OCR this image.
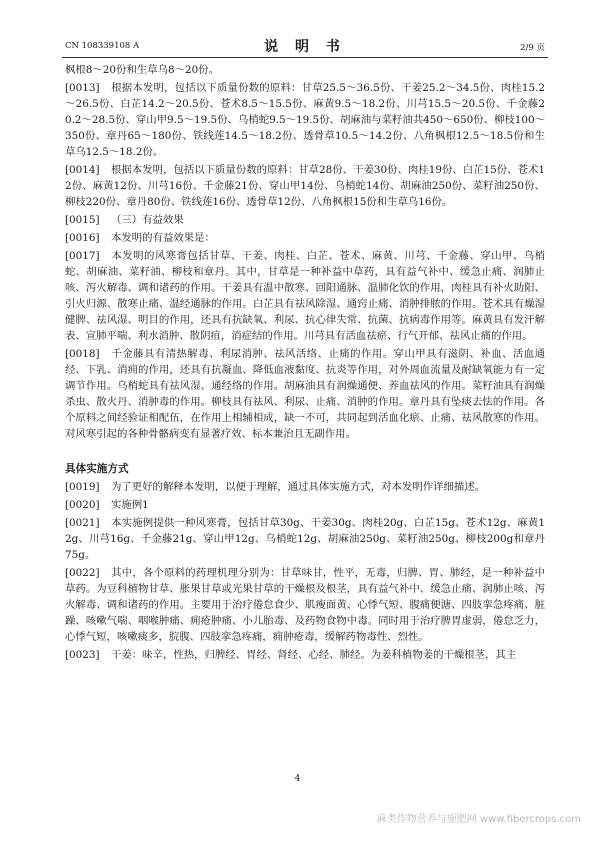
CN 108339108 A	说 明 书	2/9 页
枫根8～20份和生草乌8～20份。
[0013] 根据本发明，包括以下质量份数的原料：甘草25.5～36.5份、干姜25.2～34.5份、肉桂15.2～26.5份、白芷14.2～20.5份、苍术8.5～15.5份、麻黄9.5～18.2份、川芎15.5～20.5份、千金藤20.2～28.5份、穿山甲9.5～19.5份、乌梢蛇9.5～19.5份、胡麻油与菜籽油共450～650份、柳枝100～350份、章丹65～180份、铁线莲14.5～18.2份、透骨草10.5～14.2份、八角枫根12.5～18.5份和生草乌12.5～18.2份。
[0014] 根据本发明，包括以下质量份数的原料：甘草28份、干姜30份、肉桂19份、白芷15份、苍术12份、麻黄12份、川芎16份、千金藤21份、穿山甲14份、乌梢蛇14份、胡麻油250份、菜籽油250份、柳枝220份、章丹80份、铁线莲16份、透骨草12份、八角枫根15份和生草乌16份。
[0015] （三）有益效果
[0016] 本发明的有益效果是：
[0017] 本发明的风寒膏包括甘草、干姜、肉桂、白芷、苍术、麻黄、川芎、千金藤、穿山甲、乌梢蛇、胡麻油、菜籽油、柳枝和章丹。其中，甘草是一种补益中草药，具有益气补中、缓急止痛、润肺止咳、泻火解毒、调和诸药的作用。干姜具有温中散寒、回阳通脉、温肺化饮的作用，肉桂具有补火助阳、引火归源、散寒止痛、温经通脉的作用。白芷具有祛风除湿、通窍止痛、消肿排脓的作用。苍术具有燥湿健脾、祛风湿、明目的作用，还具有抗缺氧、利尿、抗心律失常、抗菌、抗病毒作用等。麻黄具有发汗解表、宣肺平喘、利水消肿、散阴疽，消症结的作用。川芎具有活血祛瘀、行气开郁、祛风止痛的作用。
[0018] 千金藤具有清热解毒、利尿消肿、祛风活络、止痛的作用。穿山甲具有滋阴、补血、活血通经、下乳、消痈的作用，还具有抗凝血、降低血液黏度、抗炎等作用，对外周血流量及耐缺氧能力有一定调节作用。乌梢蛇具有祛风湿、通经络的作用。胡麻油具有润燥通便、养血祛风的作用。菜籽油具有润燥杀虫、散火丹、消肿毒的作用。柳枝具有祛风、利尿、止痛、消肿的作用。章丹具有坠痰去怯的作用。各个原料之间经验证相配伍，在作用上相辅相成，缺一不可，共同起到活血化瘀、止痛、祛风散寒的作用。对风寒引起的各种骨骼病变有显著疗效、标本兼治且无副作用。
具体实施方式
[0019] 为了更好的解释本发明，以便于理解，通过具体实施方式，对本发明作详细描述。
[0020] 实施例1
[0021] 本实施例提供一种风寒膏，包括甘草30g、干姜30g、肉桂20g、白芷15g、苍术12g、麻黄12g、川芎16g、千金藤21g、穿山甲12g、乌梢蛇12g、胡麻油250g、菜籽油250g、柳枝200g和章丹75g。
[0022] 其中，各个原料的药理机理分别为：甘草味甘，性平，无毒，归脾、胃、肺经，是一种补益中草药。为豆科植物甘草、胀果甘草或光果甘草的干燥根及根茎，具有益气补中、缓急止痛、润肺止咳、泻火解毒、调和诸药的作用。主要用于治疗倦怠食少、肌瘦面黄、心悸气短、腹痛便溏、四肢挛急疼痛、脏躁、咳嗽气喘、咽喉肿痛、痈疮肿痛、小儿胎毒、及药物食物中毒。同时用于治疗脾胃虚弱，倦怠乏力，心悸气短，咳嗽痰多，脘腹、四肢挛急疼痛，痈肿疮毒，缓解药物毒性、烈性。
[0023] 干姜：味辛，性热，归脾经、胃经、肾经、心经、肺经。为姜科植物姜的干燥根茎，其主
4
麻类作物营养与施肥网 www.fibercrops.com
